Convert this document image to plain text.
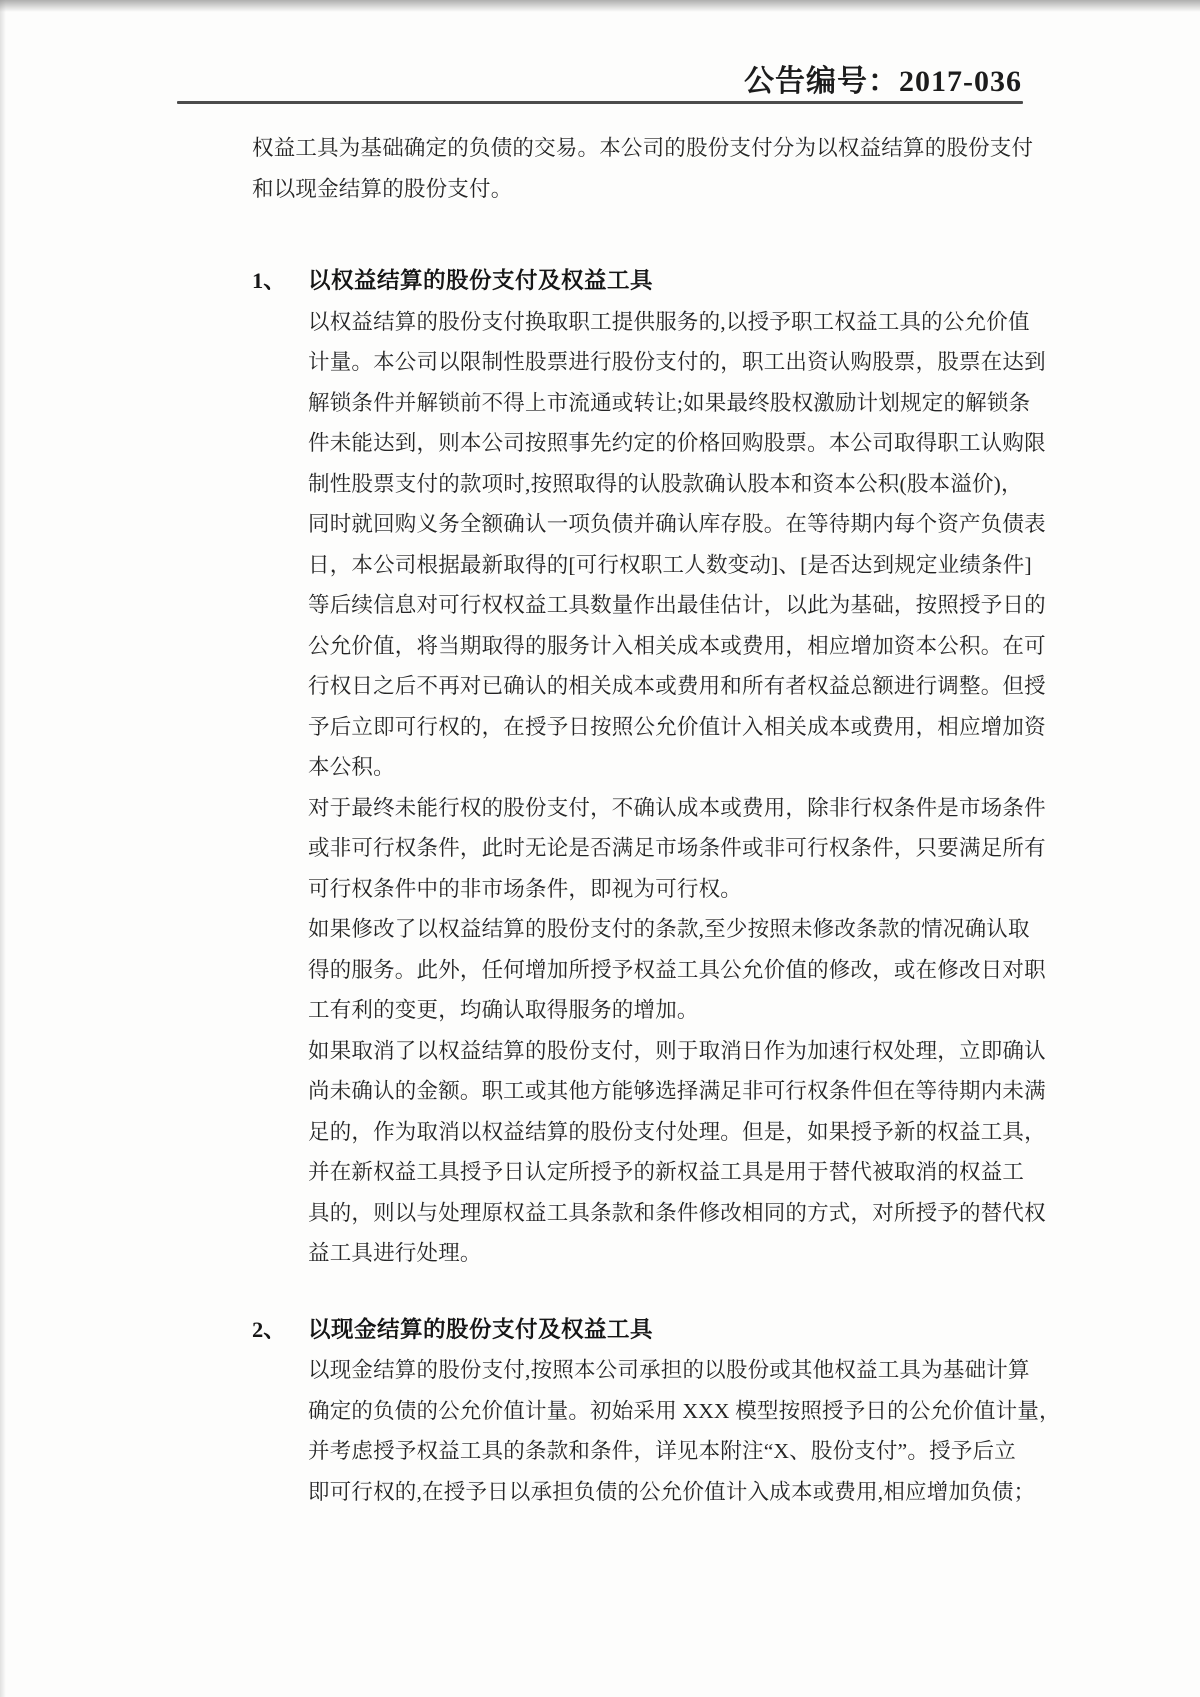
公告编号：2017-036
权益工具为基础确定的负债的交易。本公司的股份支付分为以权益结算的股份支付
和以现金结算的股份支付。
1、 以权益结算的股份支付及权益工具
以权益结算的股份支付换取职工提供服务的,以授予职工权益工具的公允价值
计量。本公司以限制性股票进行股份支付的，职工出资认购股票，股票在达到
解锁条件并解锁前不得上市流通或转让;如果最终股权激励计划规定的解锁条
件未能达到，则本公司按照事先约定的价格回购股票。本公司取得职工认购限
制性股票支付的款项时,按照取得的认股款确认股本和资本公积(股本溢价)，
同时就回购义务全额确认一项负债并确认库存股。在等待期内每个资产负债表
日，本公司根据最新取得的[可行权职工人数变动]、[是否达到规定业绩条件]
等后续信息对可行权权益工具数量作出最佳估计，以此为基础，按照授予日的
公允价值，将当期取得的服务计入相关成本或费用，相应增加资本公积。在可
行权日之后不再对已确认的相关成本或费用和所有者权益总额进行调整。但授
予后立即可行权的，在授予日按照公允价值计入相关成本或费用，相应增加资
本公积。
对于最终未能行权的股份支付，不确认成本或费用，除非行权条件是市场条件
或非可行权条件，此时无论是否满足市场条件或非可行权条件，只要满足所有
可行权条件中的非市场条件，即视为可行权。
如果修改了以权益结算的股份支付的条款,至少按照未修改条款的情况确认取
得的服务。此外，任何增加所授予权益工具公允价值的修改，或在修改日对职
工有利的变更，均确认取得服务的增加。
如果取消了以权益结算的股份支付，则于取消日作为加速行权处理，立即确认
尚未确认的金额。职工或其他方能够选择满足非可行权条件但在等待期内未满
足的，作为取消以权益结算的股份支付处理。但是，如果授予新的权益工具，
并在新权益工具授予日认定所授予的新权益工具是用于替代被取消的权益工
具的，则以与处理原权益工具条款和条件修改相同的方式，对所授予的替代权
益工具进行处理。
2、 以现金结算的股份支付及权益工具
以现金结算的股份支付,按照本公司承担的以股份或其他权益工具为基础计算
确定的负债的公允价值计量。初始采用 XXX 模型按照授予日的公允价值计量，
并考虑授予权益工具的条款和条件，详见本附注“X、股份支付”。授予后立
即可行权的,在授予日以承担负债的公允价值计入成本或费用,相应增加负债；
